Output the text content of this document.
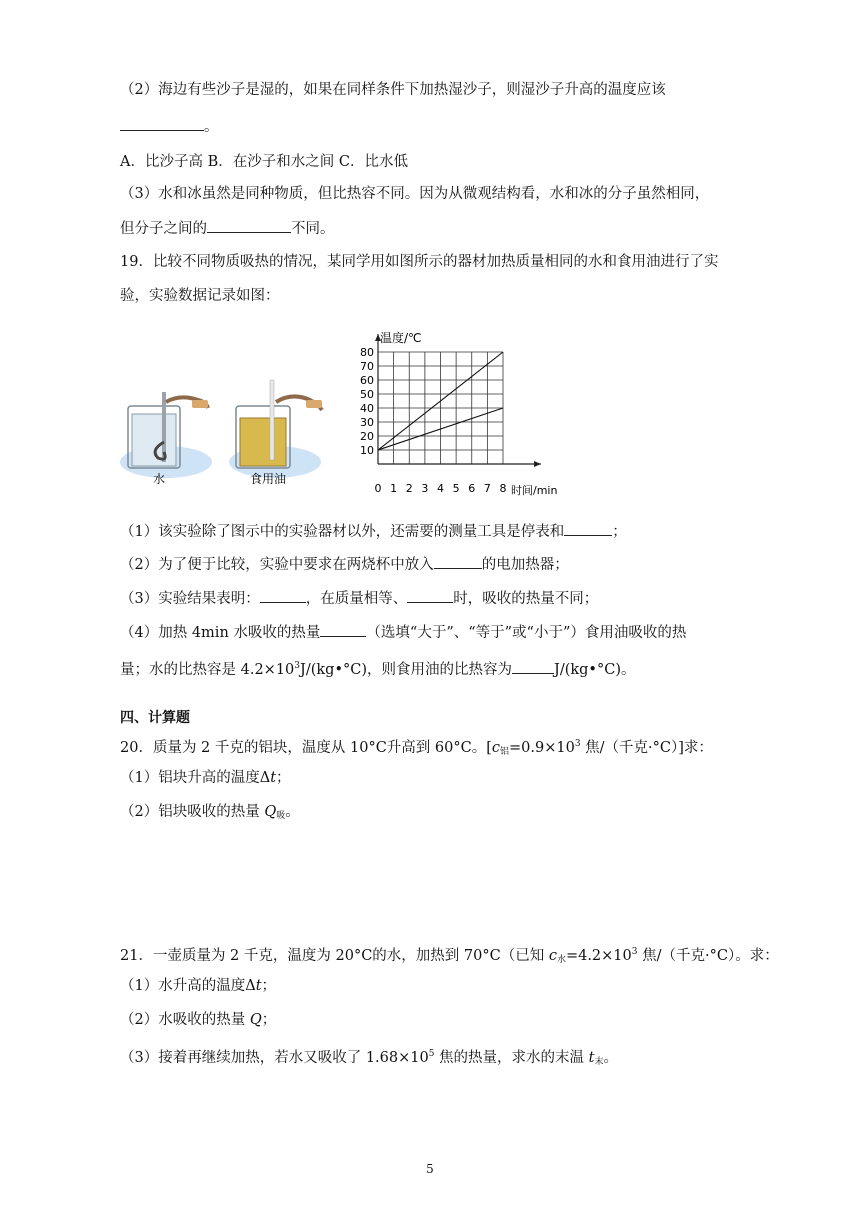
（2）海边有些沙子是湿的，如果在同样条件下加热湿沙子，则湿沙子升高的温度应该
。
A．比沙子高 B．在沙子和水之间 C．比水低
（3）水和冰虽然是同种物质，但比热容不同。因为从微观结构看，水和冰的分子虽然相同，
但分子之间的	不同。
19．比较不同物质吸热的情况，某同学用如图所示的器材加热质量相同的水和食用油进行了实
验，实验数据记录如图：
水	食用油
10
20
30
40
50
60
70
80
0 1 2 3 4 5 6 7 8
温度/℃
时间/min
（1）该实验除了图示中的实验器材以外，还需要的测量工具是停表和	；
（2）为了便于比较，实验中要求在两烧杯中放入	的电加热器；
（3）实验结果表明：	，在质量相等、	时，吸收的热量不同；
（4）加热 4min 水吸收的热量	（选填“大于”、“等于”或“小于”）食用油吸收的热
量；水的比热容是 $4.2\times 10^3J/(kg•^\circ C)$，则食用油的比热容为	J/(kg•°C)。
四、计算题
20．质量为 2 千克的铝块，温度从 10°C升高到 60°C。[$c_铝=0.9\times 10^3$ 焦/（千克·°C）]求：
（1）铝块升高的温度Δt；
（2）铝块吸收的热量 $Q_吸$。
21．一壶质量为 2 千克，温度为 20°C的水，加热到 70°C（已知 $c_水=4.2\times 10^3$ 焦/（千克·°C）。求：
（1）水升高的温度Δt；
（2）水吸收的热量 Q；
（3）接着再继续加热，若水又吸收了 $1.68\times 10^5$ 焦的热量，求水的末温 $t_末$。
5
